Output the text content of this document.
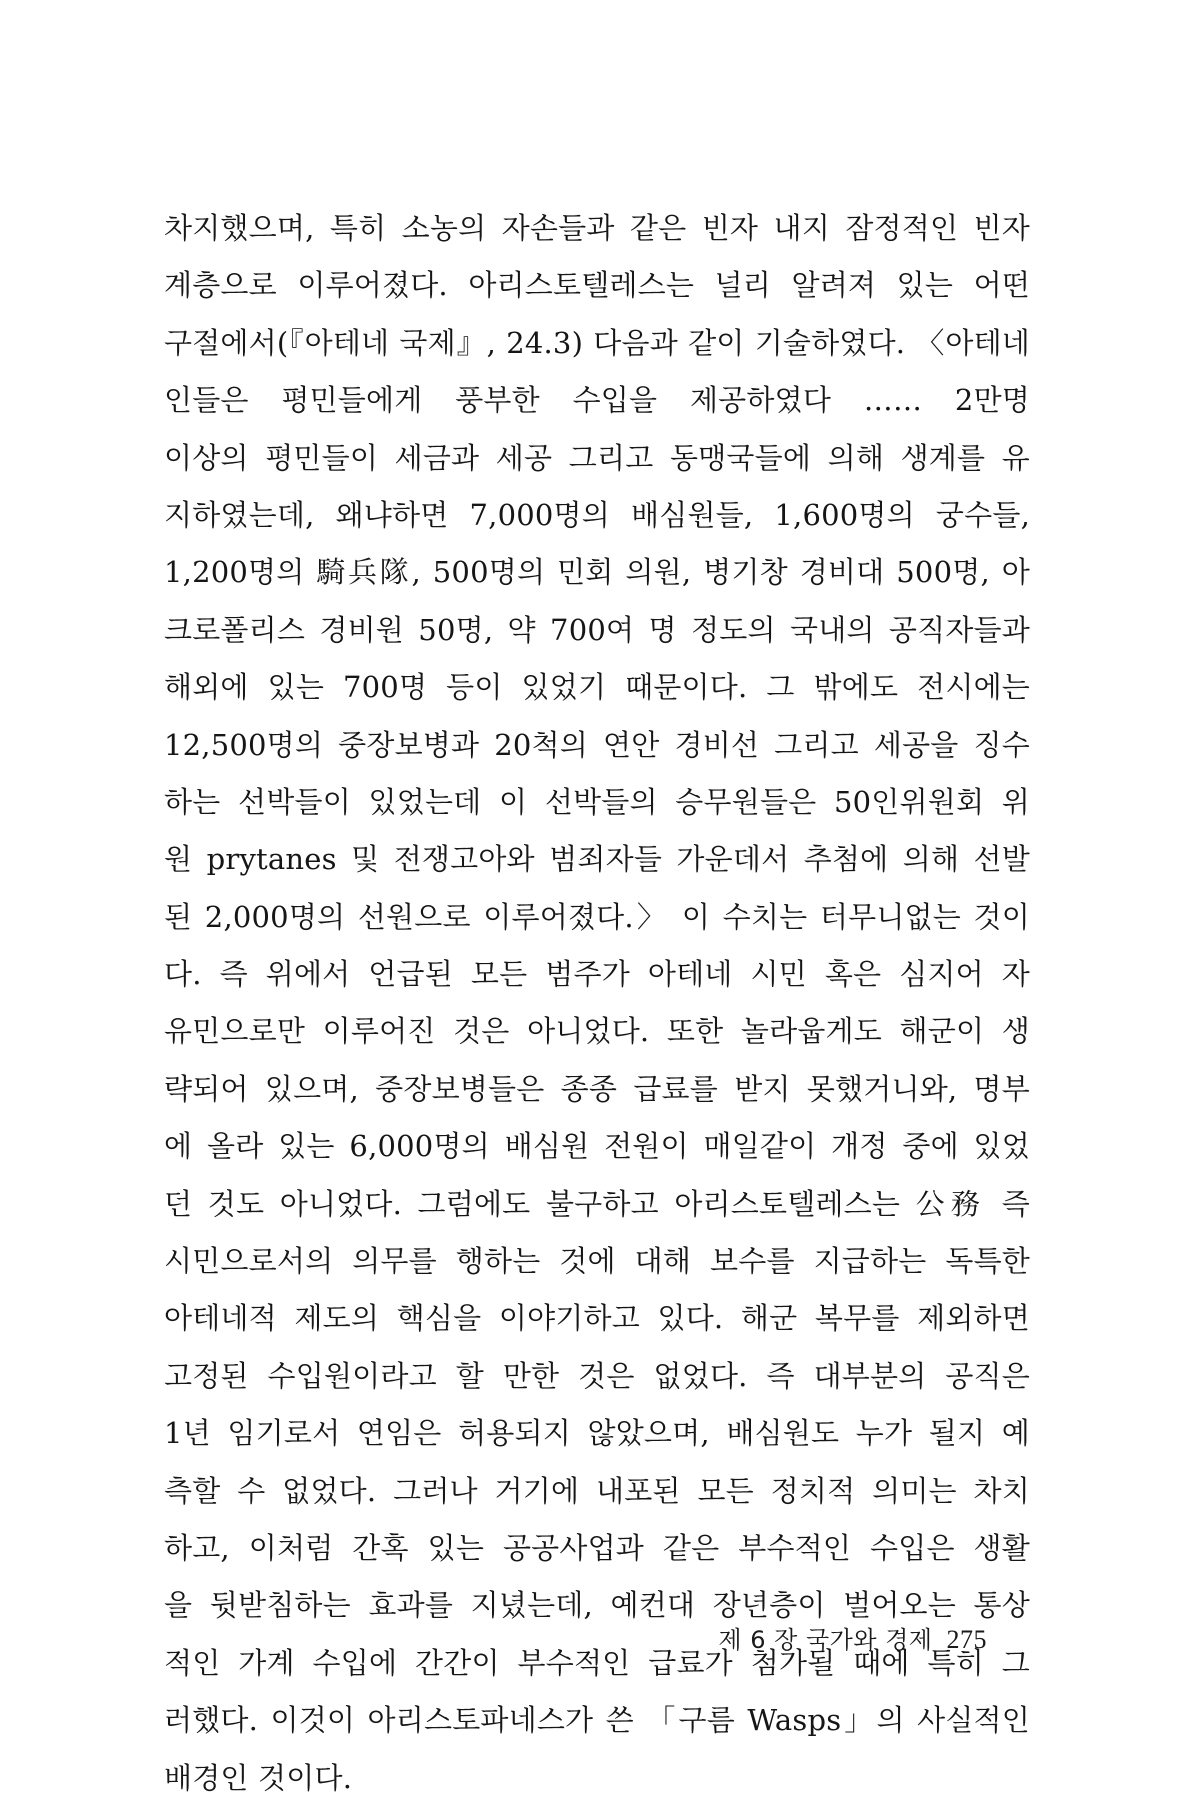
차지했으며, 특히 소농의 자손들과 같은 빈자 내지 잠정적인 빈자
계층으로 이루어졌다. 아리스토텔레스는 널리 알려져 있는 어떤
구절에서(『아테네 국제』, 24.3) 다음과 같이 기술하였다. 〈아테네
인들은 평민들에게 풍부한 수입을 제공하였다 …… 2만명
이상의 평민들이 세금과 세공 그리고 동맹국들에 의해 생계를 유
지하였는데, 왜냐하면 7,000명의 배심원들, 1,600명의 궁수들,
1,200명의 騎兵隊, 500명의 민회 의원, 병기창 경비대 500명, 아
크로폴리스 경비원 50명, 약 700여 명 정도의 국내의 공직자들과
해외에 있는 700명 등이 있었기 때문이다. 그 밖에도 전시에는
12,500명의 중장보병과 20척의 연안 경비선 그리고 세공을 징수
하는 선박들이 있었는데 이 선박들의 승무원들은 50인위원회 위
원 prytanes 및 전쟁고아와 범죄자들 가운데서 추첨에 의해 선발
된 2,000명의 선원으로 이루어졌다.〉 이 수치는 터무니없는 것이
다. 즉 위에서 언급된 모든 범주가 아테네 시민 혹은 심지어 자
유민으로만 이루어진 것은 아니었다. 또한 놀라웁게도 해군이 생
략되어 있으며, 중장보병들은 종종 급료를 받지 못했거니와, 명부
에 올라 있는 6,000명의 배심원 전원이 매일같이 개정 중에 있었
던 것도 아니었다. 그럼에도 불구하고 아리스토텔레스는 公務 즉
시민으로서의 의무를 행하는 것에 대해 보수를 지급하는 독특한
아테네적 제도의 핵심을 이야기하고 있다. 해군 복무를 제외하면
고정된 수입원이라고 할 만한 것은 없었다. 즉 대부분의 공직은
1년 임기로서 연임은 허용되지 않았으며, 배심원도 누가 될지 예
측할 수 없었다. 그러나 거기에 내포된 모든 정치적 의미는 차치
하고, 이처럼 간혹 있는 공공사업과 같은 부수적인 수입은 생활
을 뒷받침하는 효과를 지녔는데, 예컨대 장년층이 벌어오는 통상
적인 가계 수입에 간간이 부수적인 급료가 첨가될 때에 특히 그
러했다. 이것이 아리스토파네스가 쓴 「구름 Wasps」의 사실적인
배경인 것이다.
제 6 장 국가와 경제 275
